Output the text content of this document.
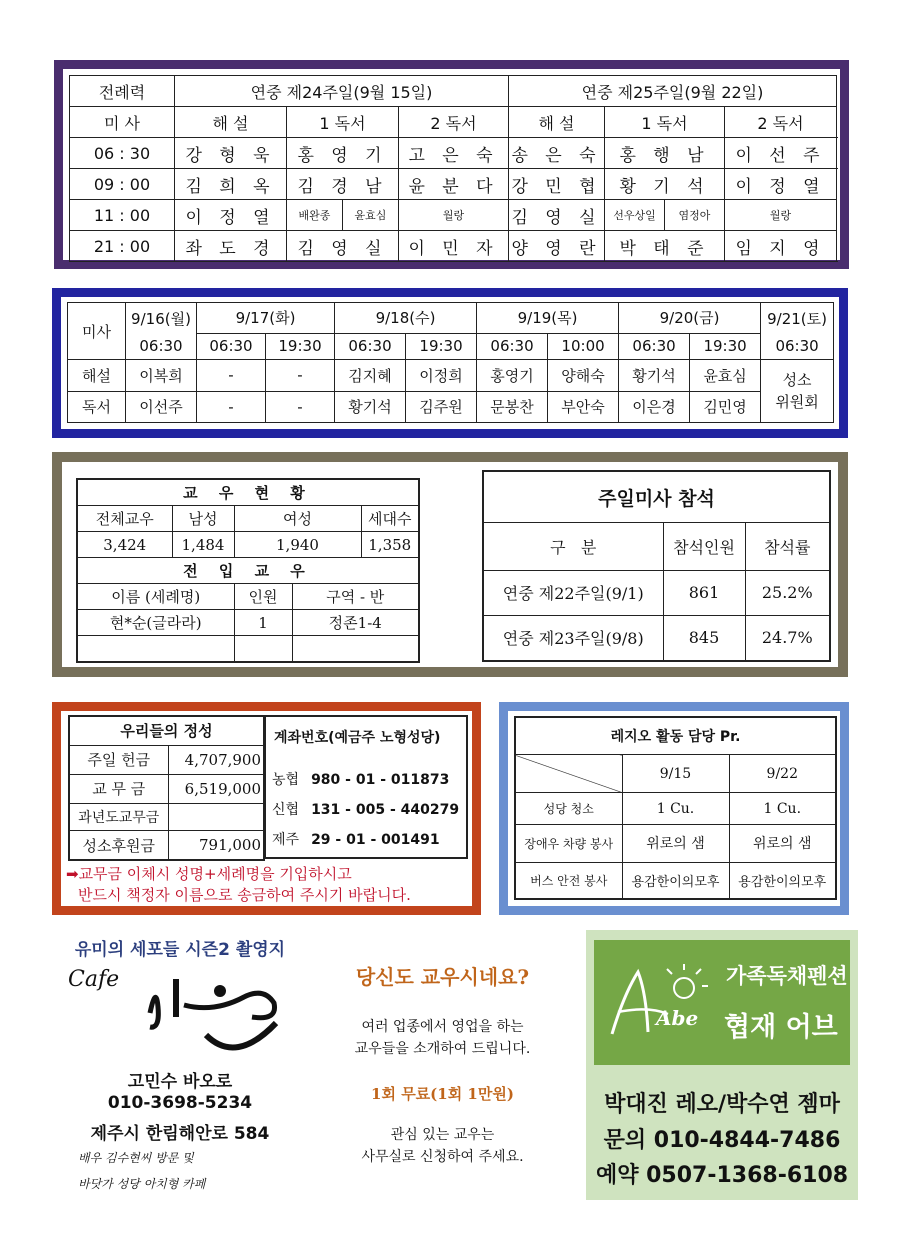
전례력	연중 제24주일(9월 15일)				연중 제25주일(9월 22일)			
미 사	해 설	1 독서		2 독서	해 설	1 독서		2 독서
06 : 30	강 형 욱	홍 영 기		고 은 숙	송 은 숙	홍 행 남		이 선 주
09 : 00	김 희 옥	김 경 남		윤 분 다	강 민 협	황 기 석		이 정 열
11 : 00	이 정 열	배완종	윤효심	월랑	김 영 실	선우상일	염정아	월랑
21 : 00	좌 도 경	김 영 실		이 민 자	양 영 란	박 태 준		임 지 영
미사	9/16(월)	9/17(화)		9/18(수)		9/19(목)		9/20(금)		9/21(토)
	06:30	06:30	19:30	06:30	19:30	06:30	10:00	06:30	19:30	06:30
해설	이복희	-	-	김지혜	이정희	홍영기	양해숙	황기석	윤효심	성소
위원회
독서	이선주	-	-	황기석	김주원	문봉찬	부안숙	이은경	김민영	
교 우 현 황				
전체교우	남성	여성		세대수
3,424	1,484	1,940		1,358
전 입 교 우				
이름 (세례명)		인원	구역 - 반	
현*순(글라라)		1	정존1-4	

주일미사 참석		
구   분	참석인원	참석률
연중 제22주일(9/1)	861	25.2%
연중 제23주일(9/8)	845	24.7%
우리들의 정성	
주일 헌금	4,707,900
교 무 금	6,519,000
과년도교무금	
성소후원금	791,000
계좌번호(예금주 노형성당)
농협 980 - 01 - 011873
신협 131 - 005 - 440279
제주 29 - 01 - 001491
➡교무금 이체시 성명+세례명을 기입하시고
반드시 책정자 이름으로 송금하여 주시기 바랍니다.
레지오 활동 담당 Pr.		
	9/15	9/22
성당 청소	1 Cu.	1 Cu.
장애우 차량 봉사	위로의 샘	위로의 샘
버스 안전 봉사	용감한이의모후	용감한이의모후
유미의 세포들 시즌2 촬영지
Cafe
고민수 바오로
010-3698-5234
제주시 한림해안로 584
배우 김수현씨 방문 및
바닷가 성당 아치형 카페
당신도 교우시네요?
여러 업종에서 영업을 하는
교우들을 소개하여 드립니다.
1회 무료(1회 1만원)
관심 있는 교우는
사무실로 신청하여 주세요.
Abe
가족독채펜션
협재 어브
박대진 레오/박수연 젬마
문의 010-4844-7486
예약 0507-1368-6108
